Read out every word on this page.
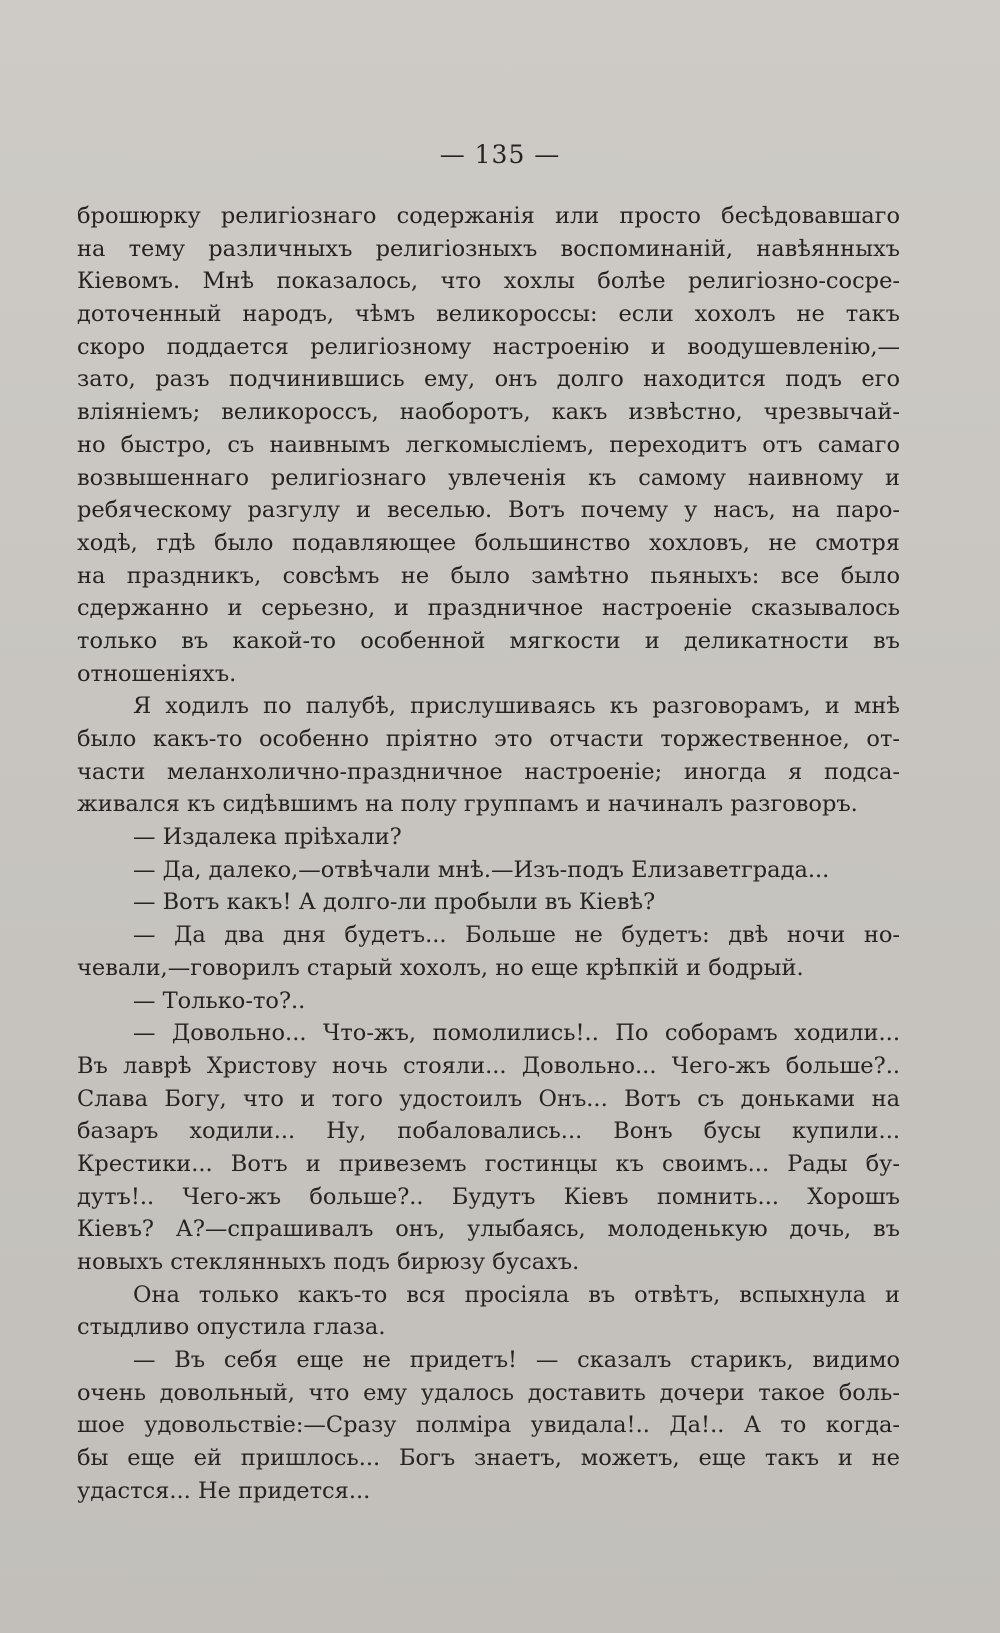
— 135 —
брошюрку религіознаго содержанія или просто бесѣдовавшаго
на тему различныхъ религіозныхъ воспоминаній, навѣянныхъ
Кіевомъ. Мнѣ показалось, что хохлы болѣе религіозно-сосре-
доточенный народъ, чѣмъ великороссы: если хохолъ не такъ
скоро поддается религіозному настроенію и воодушевленію,—
зато, разъ подчинившись ему, онъ долго находится подъ его
вліяніемъ; великороссъ, наоборотъ, какъ извѣстно, чрезвычай-
но быстро, съ наивнымъ легкомысліемъ, переходитъ отъ самаго
возвышеннаго религіознаго увлеченія къ самому наивному и
ребяческому разгулу и веселью. Вотъ почему у насъ, на паро-
ходѣ, гдѣ было подавляющее большинство хохловъ, не смотря
на праздникъ, совсѣмъ не было замѣтно пьяныхъ: все было
сдержанно и серьезно, и праздничное настроеніе сказывалось
только въ какой-то особенной мягкости и деликатности въ
отношеніяхъ.
Я ходилъ по палубѣ, прислушиваясь къ разговорамъ, и мнѣ
было какъ-то особенно пріятно это отчасти торжественное, от-
части меланхолично-праздничное настроеніе; иногда я подса-
живался къ сидѣвшимъ на полу группамъ и начиналъ разговоръ.
— Издалека пріѣхали?
— Да, далеко,—отвѣчали мнѣ.—Изъ-подъ Елизаветграда...
— Вотъ какъ! А долго-ли пробыли въ Кіевѣ?
— Да два дня будетъ... Больше не будетъ: двѣ ночи но-
чевали,—говорилъ старый хохолъ, но еще крѣпкій и бодрый.
— Только-то?..
— Довольно... Что-жъ, помолились!.. По соборамъ ходили...
Въ лаврѣ Христову ночь стояли... Довольно... Чего-жъ больше?..
Слава Богу, что и того удостоилъ Онъ... Вотъ съ доньками на
базаръ ходили... Ну, побаловались... Вонъ бусы купили...
Крестики... Вотъ и привеземъ гостинцы къ своимъ... Рады бу-
дутъ!.. Чего-жъ больше?.. Будутъ Кіевъ помнить... Хорошъ
Кіевъ? А?—спрашивалъ онъ, улыбаясь, молоденькую дочь, въ
новыхъ стеклянныхъ подъ бирюзу бусахъ.
Она только какъ-то вся просіяла въ отвѣтъ, вспыхнула и
стыдливо опустила глаза.
— Въ себя еще не придетъ! — сказалъ старикъ, видимо
очень довольный, что ему удалось доставить дочери такое боль-
шое удовольствіе:—Сразу полміра увидала!.. Да!.. А то когда-
бы еще ей пришлось... Богъ знаетъ, можетъ, еще такъ и не
удастся... Не придется...
